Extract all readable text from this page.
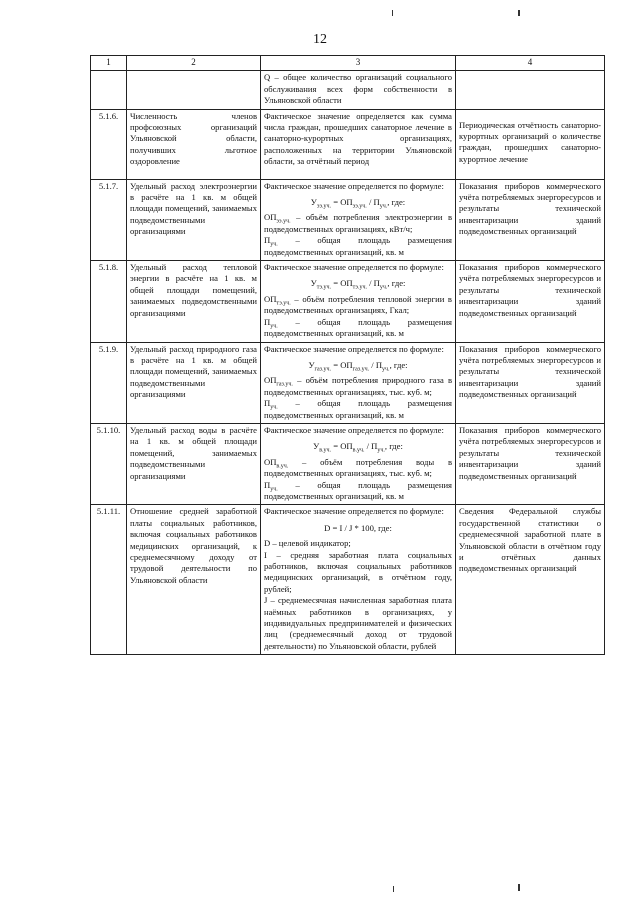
12
1	2	3	4
		Q – общее количество организаций социального обслуживания всех форм собственности в Ульяновской области	
5.1.6.	Численность членов профсоюзных организаций Ульяновской области, получивших льготное оздоровление	Фактическое значение определяется как сумма числа граждан, прошедших санаторное лечение в санаторно-курортных организациях, расположенных на территории Ульяновской области, за отчётный период	Периодическая отчётность санаторно-курортных организаций о количестве граждан, прошедших санаторно-курортное лечение
5.1.7.	Удельный расход электроэнергии в расчёте на 1 кв. м общей площади помещений, занимаемых подведомственными организациями	Фактическое значение определяется по формуле:

$У_{ээ.уч.} = ОП_{ээ.уч.} / П_{уч.}$, где:

$ОП_{ээ.уч.}$ – объём потребления электроэнергии в подведомственных организациях, кВт/ч;

$П_{уч.}$ – общая площадь размещения подведомственных организаций, кв. м	Показания приборов коммерческого учёта потребляемых энергоресурсов и результаты технической инвентаризации зданий подведомственных организаций
5.1.8.	Удельный расход тепловой энергии в расчёте на 1 кв. м общей площади помещений, занимаемых подведомственными организациями	Фактическое значение определяется по формуле:

$У_{тэ.уч.} = ОП_{тэ.уч.} / П_{уч.}$, где:

$ОП_{тэ.уч.}$ – объём потребления тепловой энергии в подведомственных организациях, Гкал;

$П_{уч.}$ – общая площадь размещения подведомственных организаций, кв. м	Показания приборов коммерческого учёта потребляемых энергоресурсов и результаты технической инвентаризации зданий подведомственных организаций
5.1.9.	Удельный расход природного газа в расчёте на 1 кв. м общей площади помещений, занимаемых подведомственными организациями	Фактическое значение определяется по формуле:

$У_{газ.уч.} = ОП_{газ.уч.} / П_{уч.}$, где:

$ОП_{газ.уч.}$ – объём потребления природного газа в подведомственных организациях, тыс. куб. м;

$П_{уч.}$ – общая площадь размещения подведомственных организаций, кв. м	Показания приборов коммерческого учёта потребляемых энергоресурсов и результаты технической инвентаризации зданий подведомственных организаций
5.1.10.	Удельный расход воды в расчёте на 1 кв. м общей площади помещений, занимаемых подведомственными организациями	Фактическое значение определяется по формуле:

$У_{в.уч.} = ОП_{в.уч.} / П_{уч.}$, где:

$ОП_{в.уч.}$ – объём потребления воды в подведомственных организациях, тыс. куб. м;

$П_{уч.}$ – общая площадь размещения подведомственных организаций, кв. м	Показания приборов коммерческого учёта потребляемых энергоресурсов и результаты технической инвентаризации зданий подведомственных организаций
5.1.11.	Отношение средней заработной платы социальных работников, включая социальных работников медицинских организаций, к среднемесячному доходу от трудовой деятельности по Ульяновской области	Фактическое значение определяется по формуле:

D = I / J * 100, где:

D – целевой индикатор;

I – средняя заработная плата социальных работников, включая социальных работников медицинских организаций, в отчётном году, рублей;

J – среднемесячная начисленная заработная плата наёмных работников в организациях, у индивидуальных предпринимателей и физических лиц (среднемесячный доход от трудовой деятельности) по Ульяновской области, рублей	Сведения Федеральной службы государственной статистики о среднемесячной заработной плате в Ульяновской области в отчётном году и отчётных данных подведомственных организаций
